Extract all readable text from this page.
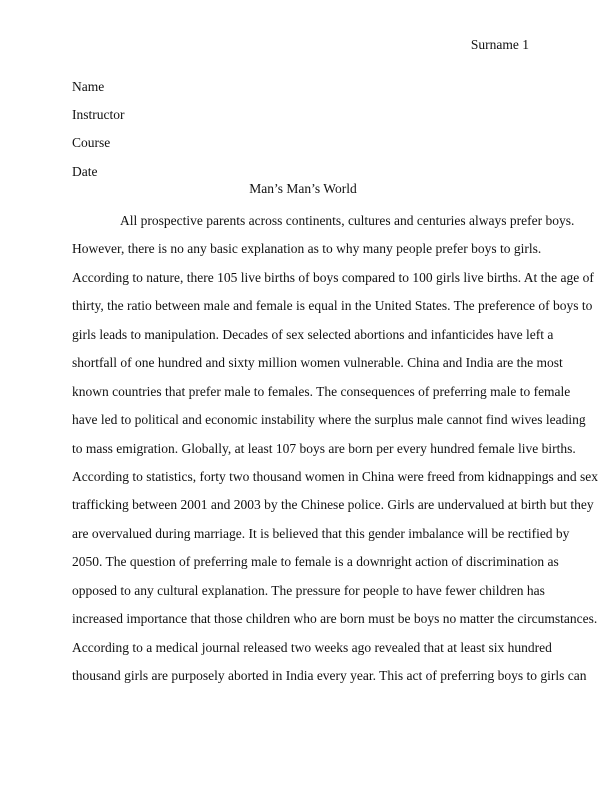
Surname 1
Name
Instructor
Course
Date
Man’s Man’s World
All prospective parents across continents, cultures and centuries always prefer boys.
However, there is no any basic explanation as to why many people prefer boys to girls.
According to nature, there 105 live births of boys compared to 100 girls live births. At the age of
thirty, the ratio between male and female is equal in the United States. The preference of boys to
girls leads to manipulation. Decades of sex selected abortions and infanticides have left a
shortfall of one hundred and sixty million women vulnerable. China and India are the most
known countries that prefer male to females. The consequences of preferring male to female
have led to political and economic instability where the surplus male cannot find wives leading
to mass emigration. Globally, at least 107 boys are born per every hundred female live births.
According to statistics, forty two thousand women in China were freed from kidnappings and sex
trafficking between 2001 and 2003 by the Chinese police. Girls are undervalued at birth but they
are overvalued during marriage. It is believed that this gender imbalance will be rectified by
2050. The question of preferring male to female is a downright action of discrimination as
opposed to any cultural explanation. The pressure for people to have fewer children has
increased importance that those children who are born must be boys no matter the circumstances.
According to a medical journal released two weeks ago revealed that at least six hundred
thousand girls are purposely aborted in India every year. This act of preferring boys to girls can
